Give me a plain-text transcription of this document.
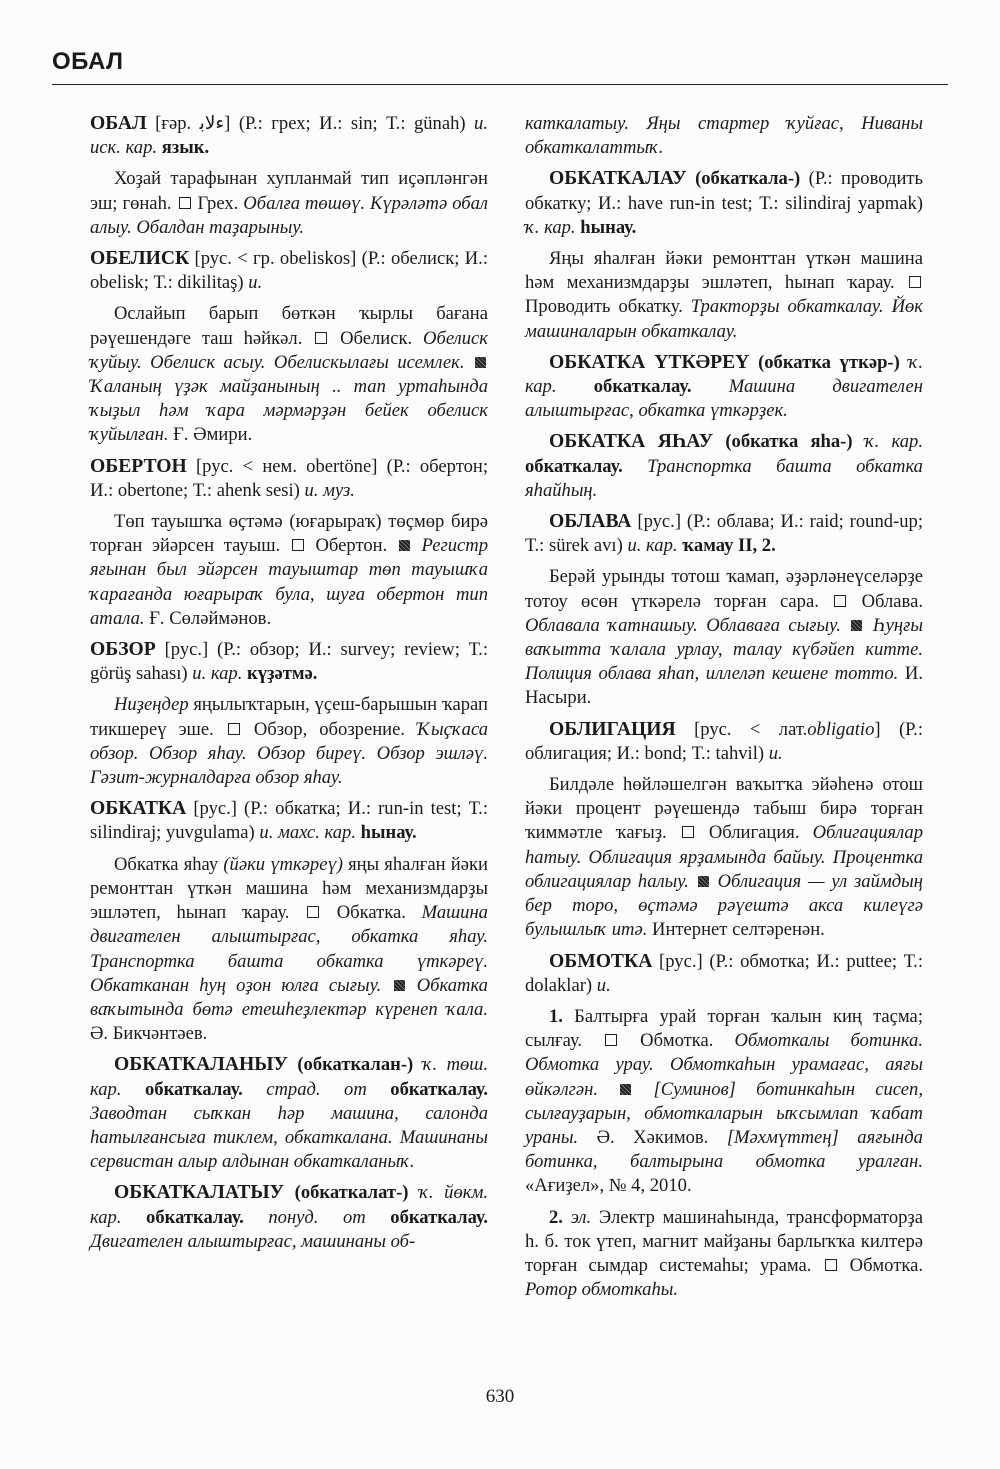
ОБАЛ

ОБАЛ [ғәр. ﺀﻻﺑ] (Р.: грех; И.: sin; Т.: günah) и. иск. кар. язык.

Хоҙай тарафынан хупланмай тип иҫәпләнгән эш; гөнаһ. Грех. Обалға төшөү. Күрәләтә обал алыу. Обалдан таҙарыныу.

ОБЕЛИСК [рус. < гр. obeliskos] (Р.: обелиск; И.: obelisk; Т.: dikilitaş) и.

Ослайып барып бөткән ҡырлы бағана рәүешендәге таш һәйкәл. Обелиск. Обелиск ҡуйыу. Обелиск асыу. Обелискылағы исемлек.  Ҡаланың үҙәк майҙанының .. тап уртаһында ҡыҙыл һәм ҡара мәрмәрҙән бейек обелиск ҡуйылған. Ғ. Әмири.

ОБЕРТОН [рус. < нем. obertöne] (Р.: обертон; И.: obertone; Т.: ahenk sesi) и. муз.

Төп тауышҡа өҫтәмә (юғарыраҡ) төҫмөр бирә торған эйәрсен тауыш. Обертон. Регистр яғынан был эйәрсен тауыштар төп тауышҡа ҡарағанда юғарыраҡ була, шуға обертон тип атала. Ғ. Сөләймәнов.

ОБЗОР [рус.] (Р.: обзор; И.: survey; review; Т.: görüş sahası) и. кар. күҙәтмә.

Ниҙеңдер яңылыҡтарын, үҫеш-барышын ҡарап тикшереү эше. Обзор, обозрение. Ҡыҫҡаса обзор. Обзор яһау. Обзор биреү. Обзор эшләү. Гәзит-журналдарға обзор яһау.

ОБКАТКА [рус.] (Р.: обкатка; И.: run-in test; Т.: silindiraj; yuvgulama) и. махс. кар. һынау.

Обкатка яһау (йәки үткәреү) яңы яһалған йәки ремонттан үткән машина һәм механизмдарҙы эшләтеп, һынап ҡарау.	Обкатка. Машина двигателен алыштырғас, обкатка яһау. Транспортка башта обкатка үткәреү. Обкатканан һуң оҙон юлға сығыу. Обкатка ваҡытында бөтә етешһеҙлектәр күренеп ҡала. Ә. Бикчәнтәев.

ОБКАТКАЛАНЫУ (обкаткалан-) ҡ. төш. кар. обкаткалау. страд. от обкаткалау. Заводтан сыҡкан һәр машина, салонда һатылғансыға тиклем, обкаткалана. Машинаны сервистан алыр алдынан обкаткаланыҡ.

ОБКАТКАЛАТЫУ (обкаткалат-) ҡ. йөкм. кар. обкаткалау. понуд. от обкаткалау. Двигателен алыштырғас, машинаны об-

каткалатыу. Яңы стартер ҡуйғас, Ниваны обкаткалаттыҡ.

ОБКАТКАЛАУ (обкаткала-) (Р.: проводить обкатку; И.: have run-in test; Т.: silindiraj yapmak) ҡ. кар. һынау.

Яңы яһалған йәки ремонттан үткән машина һәм механизмдарҙы эшләтеп, һынап ҡарау.  Проводить обкатку. Тракторҙы обкаткалау. Йөк машиналарын обкаткалау.

ОБКАТКА ҮТКӘРЕҮ (обкатка үткәр-) ҡ. кар. обкаткалау. Машина двигателен алыштырғас, обкатка үткәрҙек.

ОБКАТКА ЯҺАУ (обкатка яһа-) ҡ. кар. обкаткалау. Транспортка башта обкатка яһайһың.

ОБЛАВА [рус.] (Р.: облава; И.: raid; round-up; Т.: sürek avı) и. кар. ҡамау II, 2.

Берәй урынды тотош ҡамап, әҙәрләнеүселәрҙе тотоу өсөн үткәрелә торған сара. Облава. Облавала ҡатнашыу. Облаваға сығыу. Һуңғы ваҡытта ҡалала урлау, талау күбәйеп китте. Полиция облава яһап, иллеләп кешене тотто. И. Насыри.

ОБЛИГАЦИЯ [рус. < лат.obligatio] (Р.: облигация; И.: bond; Т.: tahvil) и.

Билдәле һөйләшелгән ваҡытҡа эйәһенә отош йәки процент рәүешендә табыш бирә торған ҡиммәтле ҡағыҙ. Облигация. Облигациялар һатыу. Облигация ярҙамында байыу. Процентка облигациялар һалыу. Облигация — ул займдың бер тоpo, өҫтәмә рәүештә акса килеүгә булышлыҡ итә. Интернет селтәренән.

ОБМОТКА [рус.] (Р.: обмотка; И.: puttee; Т.: dolaklar) и.

1. Балтырға урай торған ҡалын киң таҫма; сылғау.	Обмотка. Обмоткалы ботинка. Обмотка урау. Обмоткаһын урамағас, аяғы өйкәлгән.	[Суминов] ботинкаһын сисеп, сылғауҙарын, обмоткаларын ыҡсымлап ҡабат ураны. Ә. Хәкимов. [Мәхмүттең] аяғында ботинка, балтырына обмотка уралған. «Ағиҙел», № 4, 2010.

2. эл. Электр машинаһында, трансформаторҙа һ. б. ток үтеп, магнит майҙаны барлыҡҡа килтерә торған сымдар системаһы; урама. Обмотка. Ротор обмоткаһы.

630
